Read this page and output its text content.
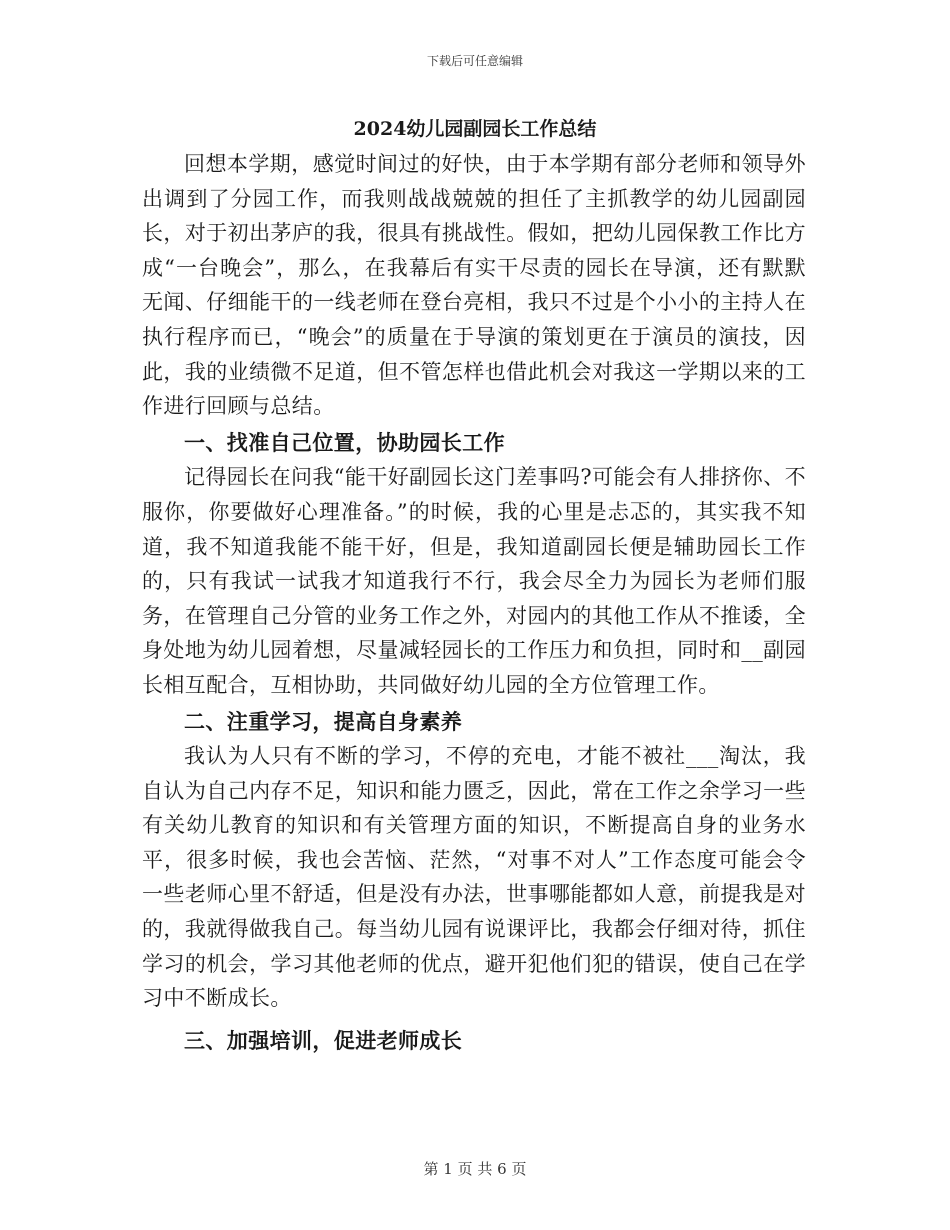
下载后可任意编辑
2024幼儿园副园长工作总结

回想本学期，感觉时间过的好快，由于本学期有部分老师和领导外出调到了分园工作，而我则战战兢兢的担任了主抓教学的幼儿园副园长，对于初出茅庐的我，很具有挑战性。假如，把幼儿园保教工作比方成“一台晚会”，那么，在我幕后有实干尽责的园长在导演，还有默默无闻、仔细能干的一线老师在登台亮相，我只不过是个小小的主持人在执行程序而已，“晚会”的质量在于导演的策划更在于演员的演技，因此，我的业绩微不足道，但不管怎样也借此机会对我这一学期以来的工作进行回顾与总结。

一、找准自己位置，协助园长工作

记得园长在问我“能干好副园长这门差事吗?可能会有人排挤你、不服你，你要做好心理准备。”的时候，我的心里是忐忑的，其实我不知道，我不知道我能不能干好，但是，我知道副园长便是辅助园长工作的，只有我试一试我才知道我行不行，我会尽全力为园长为老师们服务，在管理自己分管的业务工作之外，对园内的其他工作从不推诿，全身处地为幼儿园着想，尽量减轻园长的工作压力和负担，同时和__副园长相互配合，互相协助，共同做好幼儿园的全方位管理工作。

二、注重学习，提高自身素养

我认为人只有不断的学习，不停的充电，才能不被社___淘汰，我自认为自己内存不足，知识和能力匮乏，因此，常在工作之余学习一些有关幼儿教育的知识和有关管理方面的知识，不断提高自身的业务水平，很多时候，我也会苦恼、茫然，“对事不对人”工作态度可能会令一些老师心里不舒适，但是没有办法，世事哪能都如人意，前提我是对的，我就得做我自己。每当幼儿园有说课评比，我都会仔细对待，抓住学习的机会，学习其他老师的优点，避开犯他们犯的错误，使自己在学习中不断成长。

三、加强培训，促进老师成长

第 1 页 共 6 页
